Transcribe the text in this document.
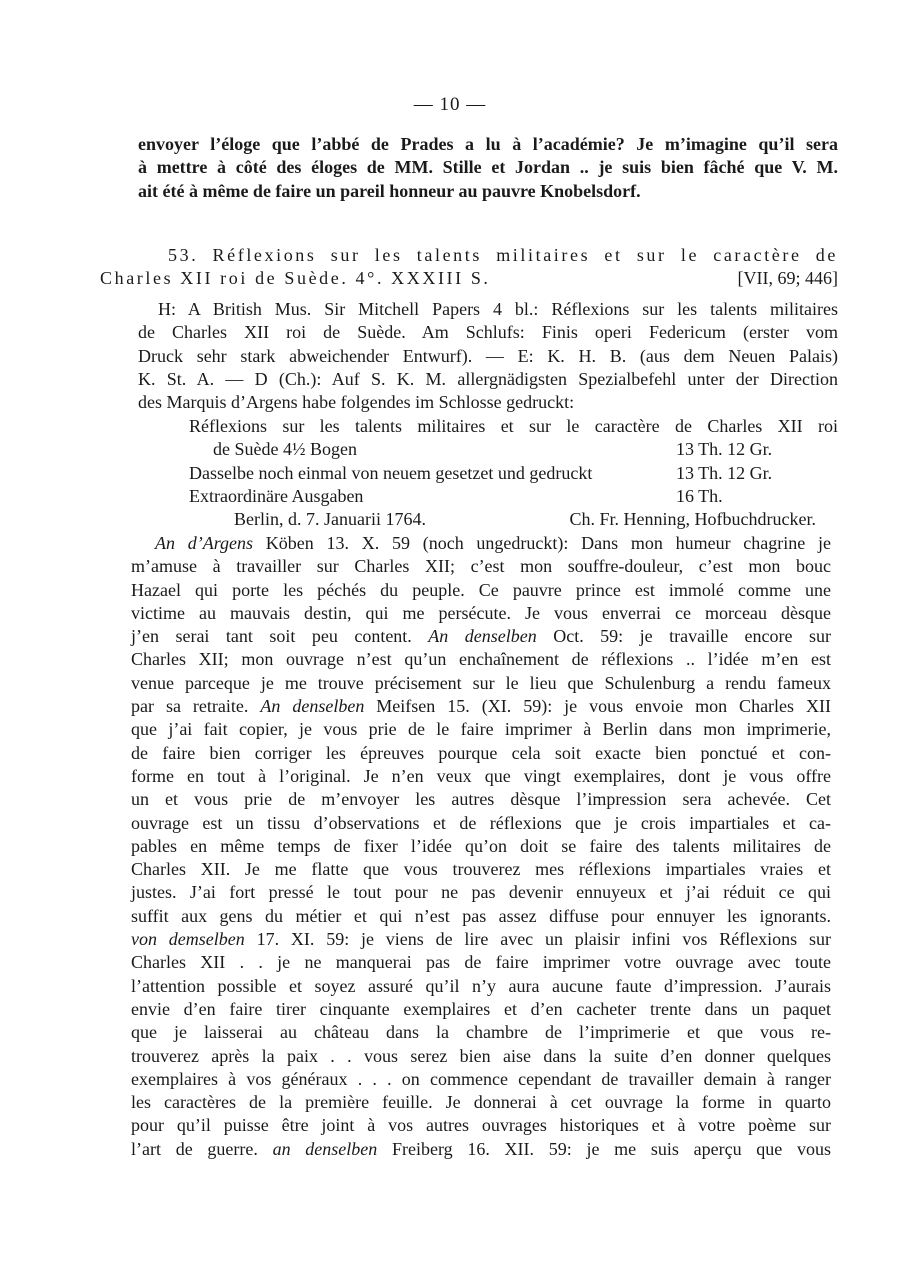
— 10 —
envoyer l’éloge que l’abbé de Prades a lu à l’académie? Je m’imagine qu’il sera
à mettre à côté des éloges de MM. Stille et Jordan .. je suis bien fâché que V. M.
ait été à même de faire un pareil honneur au pauvre Knobelsdorf.
53. Réflexions sur les talents militaires et sur le caractère de
Charles XII roi de Suède. 4°. XXXIII S.	[VII, 69; 446]
H: A British Mus. Sir Mitchell Papers 4 bl.: Réflexions sur les talents militaires
de Charles XII roi de Suède. Am Schlufs: Finis operi Federicum (erster vom
Druck sehr stark abweichender Entwurf). — E: K. H. B. (aus dem Neuen Palais)
K. St. A. — D (Ch.): Auf S. K. M. allergnädigsten Spezialbefehl unter der Direction
des Marquis d’Argens habe folgendes im Schlosse gedruckt:
Réflexions sur les talents militaires et sur le caractère de Charles XII roi
de Suède 4½ Bogen	13 Th. 12 Gr.
Dasselbe noch einmal von neuem gesetzet und gedruckt	13 Th. 12 Gr.
Extraordinäre Ausgaben	16 Th.
Berlin, d. 7. Januarii 1764.	Ch. Fr. Henning, Hofbuchdrucker.
An d’Argens Köben 13. X. 59 (noch ungedruckt): Dans mon humeur chagrine je
m’amuse à travailler sur Charles XII; c’est mon souffre-douleur, c’est mon bouc
Hazael qui porte les péchés du peuple. Ce pauvre prince est immolé comme une
victime au mauvais destin, qui me persécute. Je vous enverrai ce morceau dèsque
j’en serai tant soit peu content. An denselben Oct. 59: je travaille encore sur
Charles XII; mon ouvrage n’est qu’un enchaînement de réflexions .. l’idée m’en est
venue parceque je me trouve précisement sur le lieu que Schulenburg a rendu fameux
par sa retraite. An denselben Meifsen 15. (XI. 59): je vous envoie mon Charles XII
que j’ai fait copier, je vous prie de le faire imprimer à Berlin dans mon imprimerie,
de faire bien corriger les épreuves pourque cela soit exacte bien ponctué et con-
forme en tout à l’original. Je n’en veux que vingt exemplaires, dont je vous offre
un et vous prie de m’envoyer les autres dèsque l’impression sera achevée. Cet
ouvrage est un tissu d’observations et de réflexions que je crois impartiales et ca-
pables en même temps de fixer l’idée qu’on doit se faire des talents militaires de
Charles XII. Je me flatte que vous trouverez mes réflexions impartiales vraies et
justes. J’ai fort pressé le tout pour ne pas devenir ennuyeux et j’ai réduit ce qui
suffit aux gens du métier et qui n’est pas assez diffuse pour ennuyer les ignorants.
von demselben 17. XI. 59: je viens de lire avec un plaisir infini vos Réflexions sur
Charles XII . . je ne manquerai pas de faire imprimer votre ouvrage avec toute
l’attention possible et soyez assuré qu’il n’y aura aucune faute d’impression. J’aurais
envie d’en faire tirer cinquante exemplaires et d’en cacheter trente dans un paquet
que je laisserai au château dans la chambre de l’imprimerie et que vous re-
trouverez après la paix . . vous serez bien aise dans la suite d’en donner quelques
exemplaires à vos généraux . . . on commence cependant de travailler demain à ranger
les caractères de la première feuille. Je donnerai à cet ouvrage la forme in quarto
pour qu’il puisse être joint à vos autres ouvrages historiques et à votre poème sur
l’art de guerre. an denselben Freiberg 16. XII. 59: je me suis aperçu que vous
